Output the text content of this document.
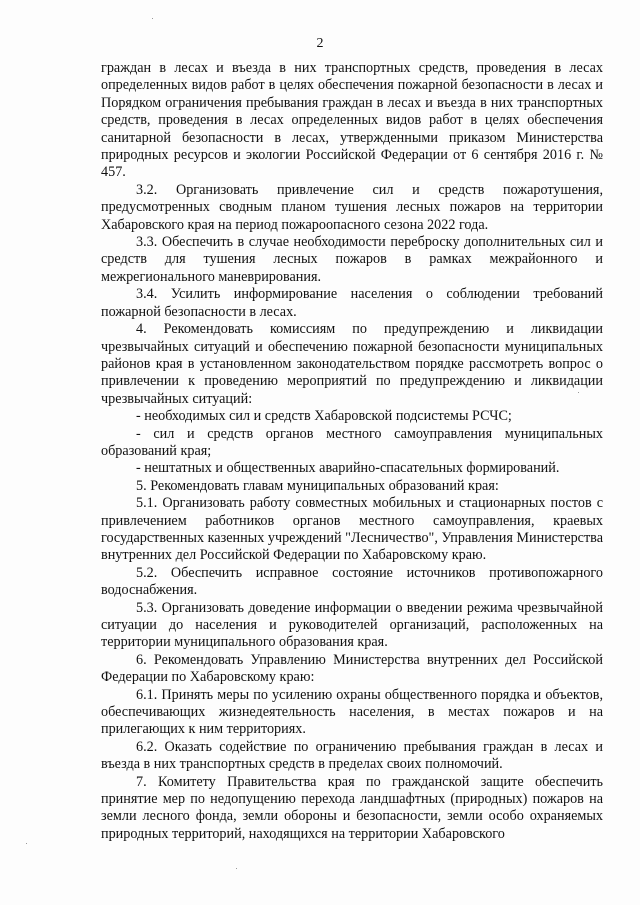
2

граждан в лесах и въезда в них транспортных средств, проведения в лесах определенных видов работ в целях обеспечения пожарной безопасности в лесах и Порядком ограничения пребывания граждан в лесах и въезда в них транспортных средств, проведения в лесах определенных видов работ в целях обеспечения санитарной безопасности в лесах, утвержденными приказом Министерства природных ресурсов и экологии Российской Федерации от 6 сентября 2016 г. № 457.

3.2. Организовать привлечение сил и средств пожаротушения, предусмотренных сводным планом тушения лесных пожаров на территории Хабаровского края на период пожароопасного сезона 2022 года.

3.3. Обеспечить в случае необходимости переброску дополнительных сил и средств для тушения лесных пожаров в рамках межрайонного и межрегионального маневрирования.

3.4. Усилить информирование населения о соблюдении требований пожарной безопасности в лесах.

4. Рекомендовать комиссиям по предупреждению и ликвидации чрезвычайных ситуаций и обеспечению пожарной безопасности муниципальных районов края в установленном законодательством порядке рассмотреть вопрос о привлечении к проведению мероприятий по предупреждению и ликвидации чрезвычайных ситуаций:

- необходимых сил и средств Хабаровской подсистемы РСЧС;

- сил и средств органов местного самоуправления муниципальных образований края;

- нештатных и общественных аварийно-спасательных формирований.

5. Рекомендовать главам муниципальных образований края:

5.1. Организовать работу совместных мобильных и стационарных постов с привлечением работников органов местного самоуправления, краевых государственных казенных учреждений "Лесничество", Управления Министерства внутренних дел Российской Федерации по Хабаровскому краю.

5.2. Обеспечить исправное состояние источников противопожарного водоснабжения.

5.3. Организовать доведение информации о введении режима чрезвычайной ситуации до населения и руководителей организаций, расположенных на территории муниципального образования края.

6. Рекомендовать Управлению Министерства внутренних дел Российской Федерации по Хабаровскому краю:

6.1. Принять меры по усилению охраны общественного порядка и объектов, обеспечивающих жизнедеятельность населения, в местах пожаров и на прилегающих к ним территориях.

6.2. Оказать содействие по ограничению пребывания граждан в лесах и въезда в них транспортных средств в пределах своих полномочий.

7. Комитету Правительства края по гражданской защите обеспечить принятие мер по недопущению перехода ландшафтных (природных) пожаров на земли лесного фонда, земли обороны и безопасности, земли особо охраняемых природных территорий, находящихся на территории Хабаровского
